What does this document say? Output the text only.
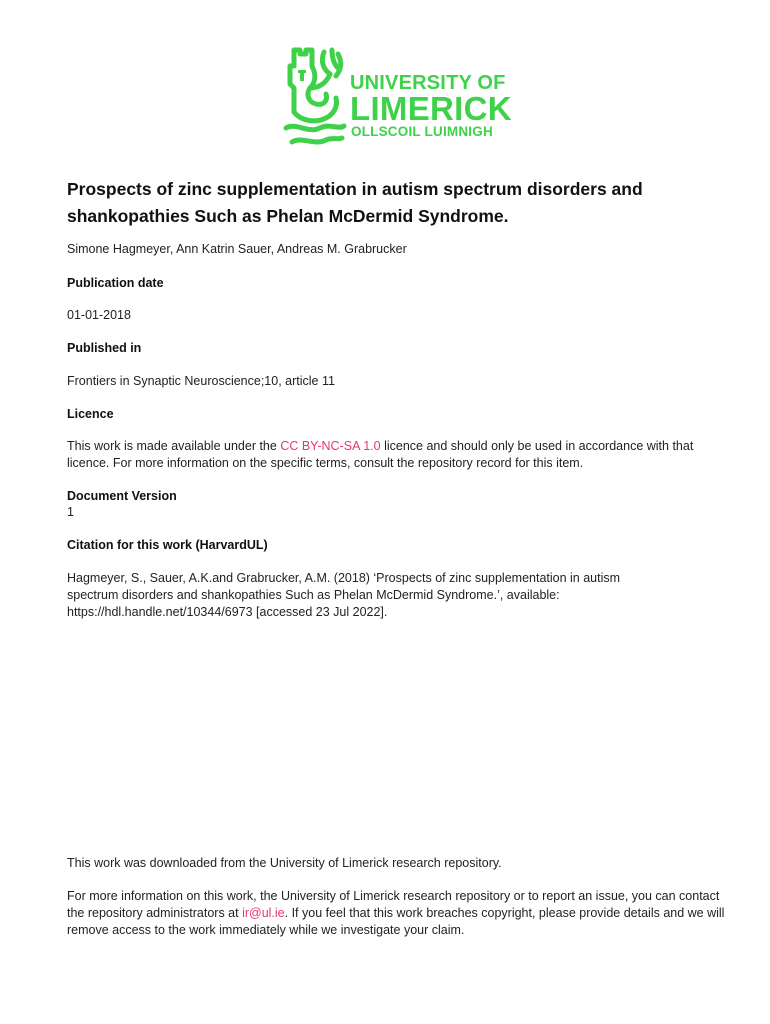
UNIVERSITY OF
LIMERICK
OLLSCOIL LUIMNIGH
Prospects of zinc supplementation in autism spectrum disorders and shankopathies Such as Phelan McDermid Syndrome.
Simone Hagmeyer, Ann Katrin Sauer, Andreas M. Grabrucker
Publication date
01-01-2018
Published in
Frontiers in Synaptic Neuroscience;10, article 11
Licence

This work is made available under the CC BY-NC-SA 1.0 licence and should only be used in accordance with that licence. For more information on the specific terms, consult the repository record for this item.

Document Version
1
Citation for this work (HarvardUL)

Hagmeyer, S., Sauer, A.K.and Grabrucker, A.M. (2018) ‘Prospects of zinc supplementation in autism spectrum disorders and shankopathies Such as Phelan McDermid Syndrome.’, available: https://hdl.handle.net/10344/6973 [accessed 23 Jul 2022].

This work was downloaded from the University of Limerick research repository.

For more information on this work, the University of Limerick research repository or to report an issue, you can contact the repository administrators at ir@ul.ie. If you feel that this work breaches copyright, please provide details and we will remove access to the work immediately while we investigate your claim.
